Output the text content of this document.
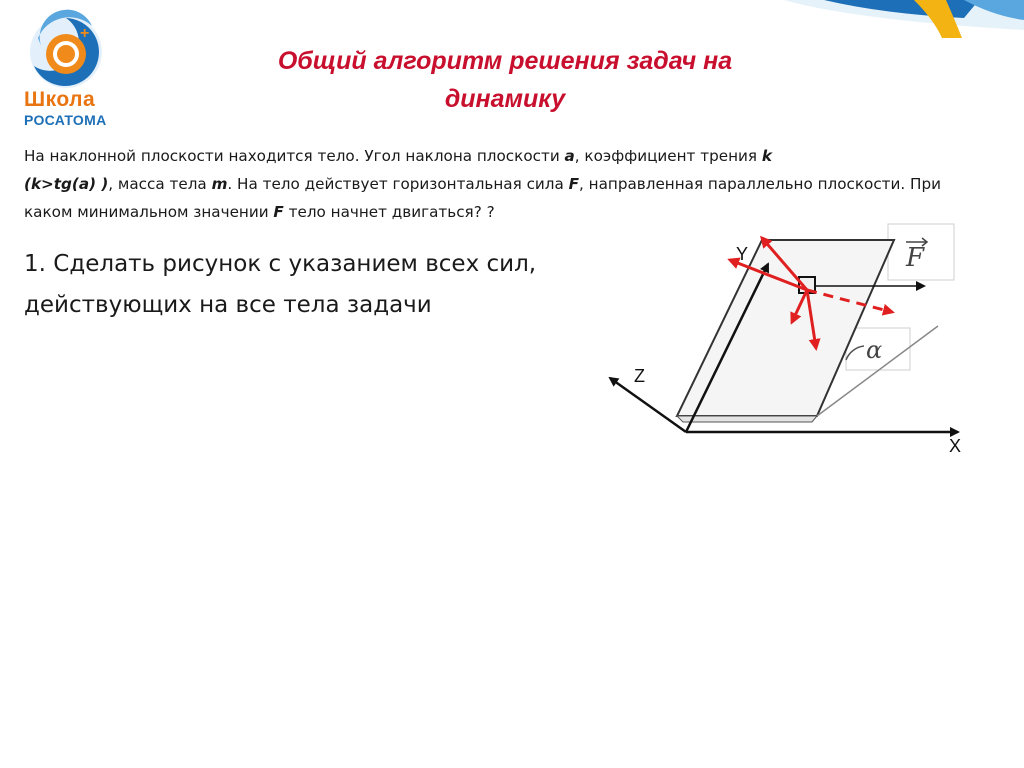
+
Школа
РОСАТОМА
Общий алгоритм решения задач на
динамику
На наклонной плоскости находится тело. Угол наклона плоскости a, коэффициент трения k
(k>tg(a) ), масса тела m. На тело действует горизонтальная сила F, направленная параллельно плоскости. При каком минимальном значении F тело начнет двигаться? ?
1. Сделать рисунок с указанием всех сил, действующих на все тела задачи
F
α
Y
Z
X
